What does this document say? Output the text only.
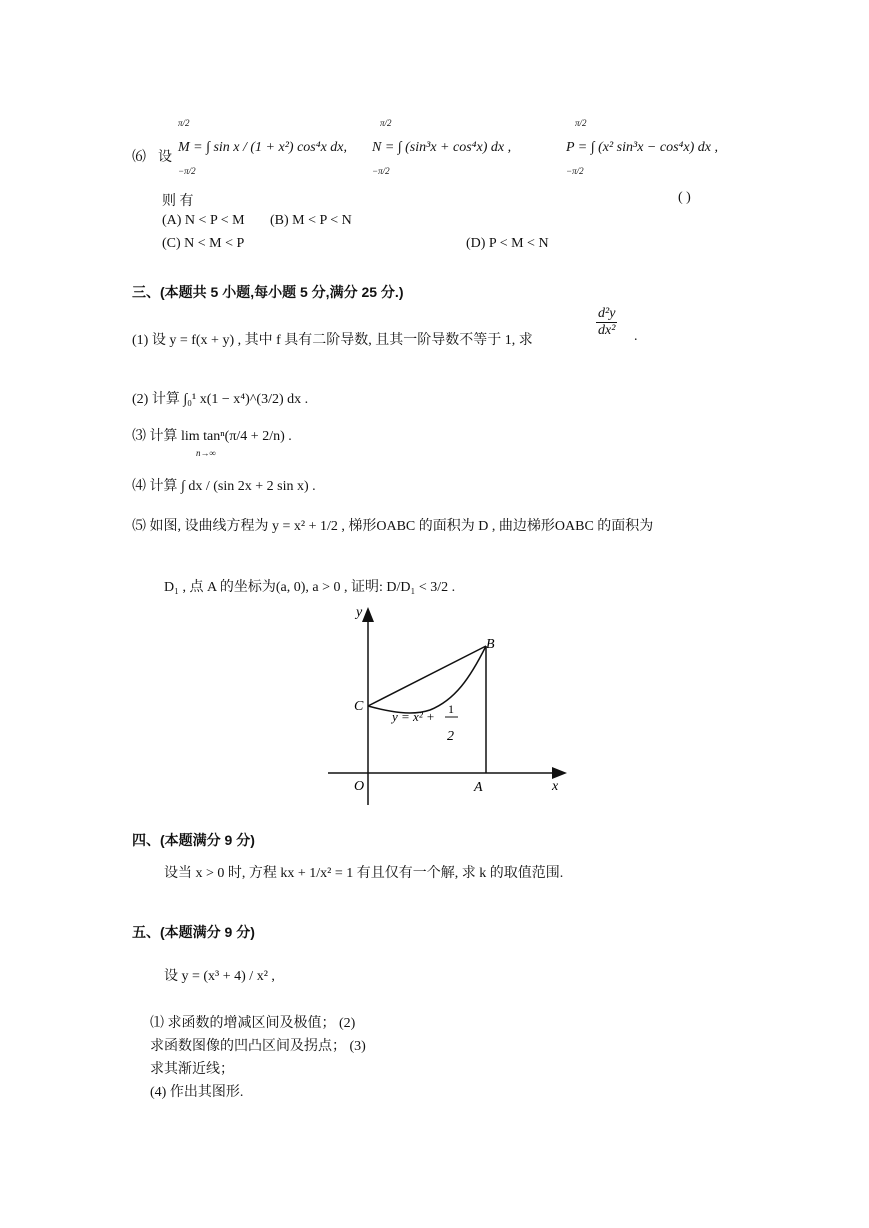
⑹ 设
π/2
−π/2
M = ∫ sin x / (1 + x²) cos⁴x dx,
π/2
−π/2
N = ∫ (sin³x + cos⁴x) dx ,
π/2
−π/2
P = ∫ (x² sin³x − cos⁴x) dx ,
则 有	( )
(A) N < P < M (B) M < P < N
(C) N < M < P	(D) P < M < N
三、(本题共 5 小题,每小题 5 分,满分 25 分.)
(1) 设 y = f(x + y) , 其中 f 具有二阶导数, 且其一阶导数不等于 1, 求
$\frac{\text{d²y}}{\text{dx²}}$ .
(2) 计算 ∫₀¹ x(1 − x⁴)^(3/2) dx .
⑶ 计算 lim tanⁿ(π/4 + 2/n) .
n→∞
⑷ 计算 ∫ dx / (sin 2x + 2 sin x) .
⑸ 如图, 设曲线方程为 y = x² + 1/2 , 梯形OABC 的面积为 D , 曲边梯形OABC 的面积为
D₁ , 点 A 的坐标为(a, 0), a > 0 , 证明: D/D₁ < 3/2 .
y
x
O	A
B
C
y = x² + 1
2
四、(本题满分 9 分)
设当 x > 0 时, 方程 kx + 1/x² = 1 有且仅有一个解, 求 k 的取值范围.
五、(本题满分 9 分)
设 y = (x³ + 4) / x² ,
⑴ 求函数的增减区间及极值； (2)
求函数图像的凹凸区间及拐点； (3)
求其渐近线；
(4) 作出其图形.
